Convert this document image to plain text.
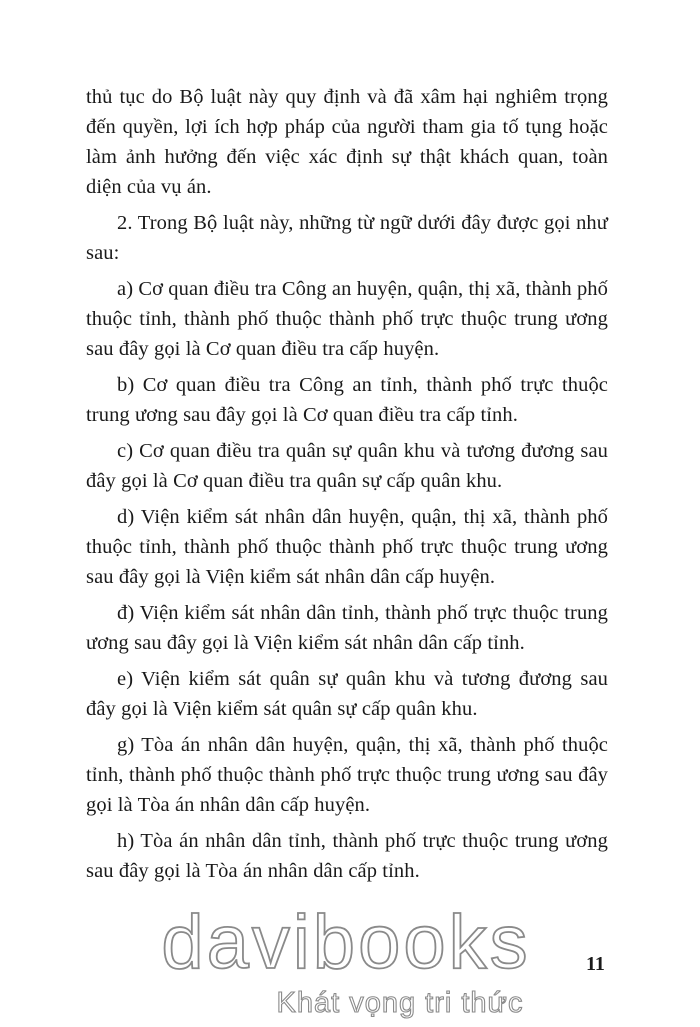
thủ tục do Bộ luật này quy định và đã xâm hại nghiêm trọng đến quyền, lợi ích hợp pháp của người tham gia tố tụng hoặc làm ảnh hưởng đến việc xác định sự thật khách quan, toàn diện của vụ án.

2. Trong Bộ luật này, những từ ngữ dưới đây được gọi như sau:

a) Cơ quan điều tra Công an huyện, quận, thị xã, thành phố thuộc tỉnh, thành phố thuộc thành phố trực thuộc trung ương sau đây gọi là Cơ quan điều tra cấp huyện.

b) Cơ quan điều tra Công an tỉnh, thành phố trực thuộc trung ương sau đây gọi là Cơ quan điều tra cấp tỉnh.

c) Cơ quan điều tra quân sự quân khu và tương đương sau đây gọi là Cơ quan điều tra quân sự cấp quân khu.

d) Viện kiểm sát nhân dân huyện, quận, thị xã, thành phố thuộc tỉnh, thành phố thuộc thành phố trực thuộc trung ương sau đây gọi là Viện kiểm sát nhân dân cấp huyện.

đ) Viện kiểm sát nhân dân tỉnh, thành phố trực thuộc trung ương sau đây gọi là Viện kiểm sát nhân dân cấp tỉnh.

e) Viện kiểm sát quân sự quân khu và tương đương sau đây gọi là Viện kiểm sát quân sự cấp quân khu.

g) Tòa án nhân dân huyện, quận, thị xã, thành phố thuộc tỉnh, thành phố thuộc thành phố trực thuộc trung ương sau đây gọi là Tòa án nhân dân cấp huyện.

h) Tòa án nhân dân tỉnh, thành phố trực thuộc trung ương sau đây gọi là Tòa án nhân dân cấp tỉnh.

11
davibooks
Khát vọng tri thức
